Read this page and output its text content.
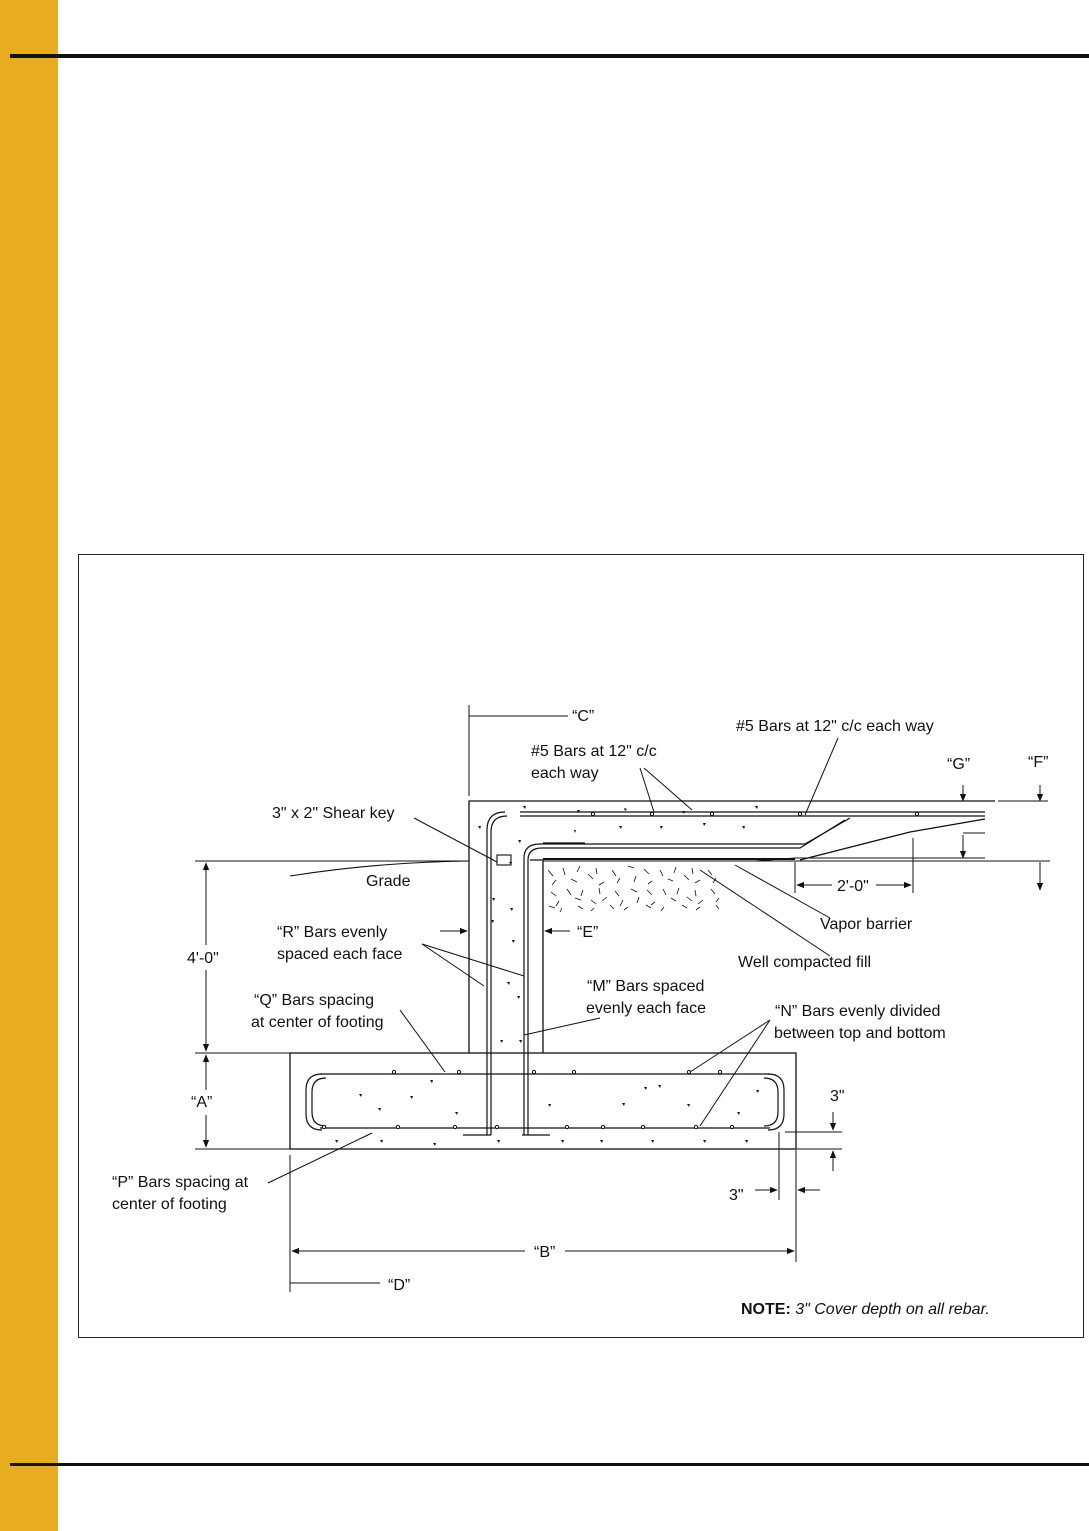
“C”
#5 Bars at 12" c/c each way
#5 Bars at 12" c/c
each way
“G”	“F”
3" x 2" Shear key
Grade	2'-0"
Vapor barrier
“R” Bars evenly
spaced each face
“E”
4'-0"	Well compacted fill
“Q” Bars spacing
at center of footing
“M” Bars spaced
evenly each face	“N” Bars evenly divided
between top and bottom
“A”	3"
“P” Bars spacing at
center of footing
3"
“B”
“D”
NOTE: 3" Cover depth on all rebar.
